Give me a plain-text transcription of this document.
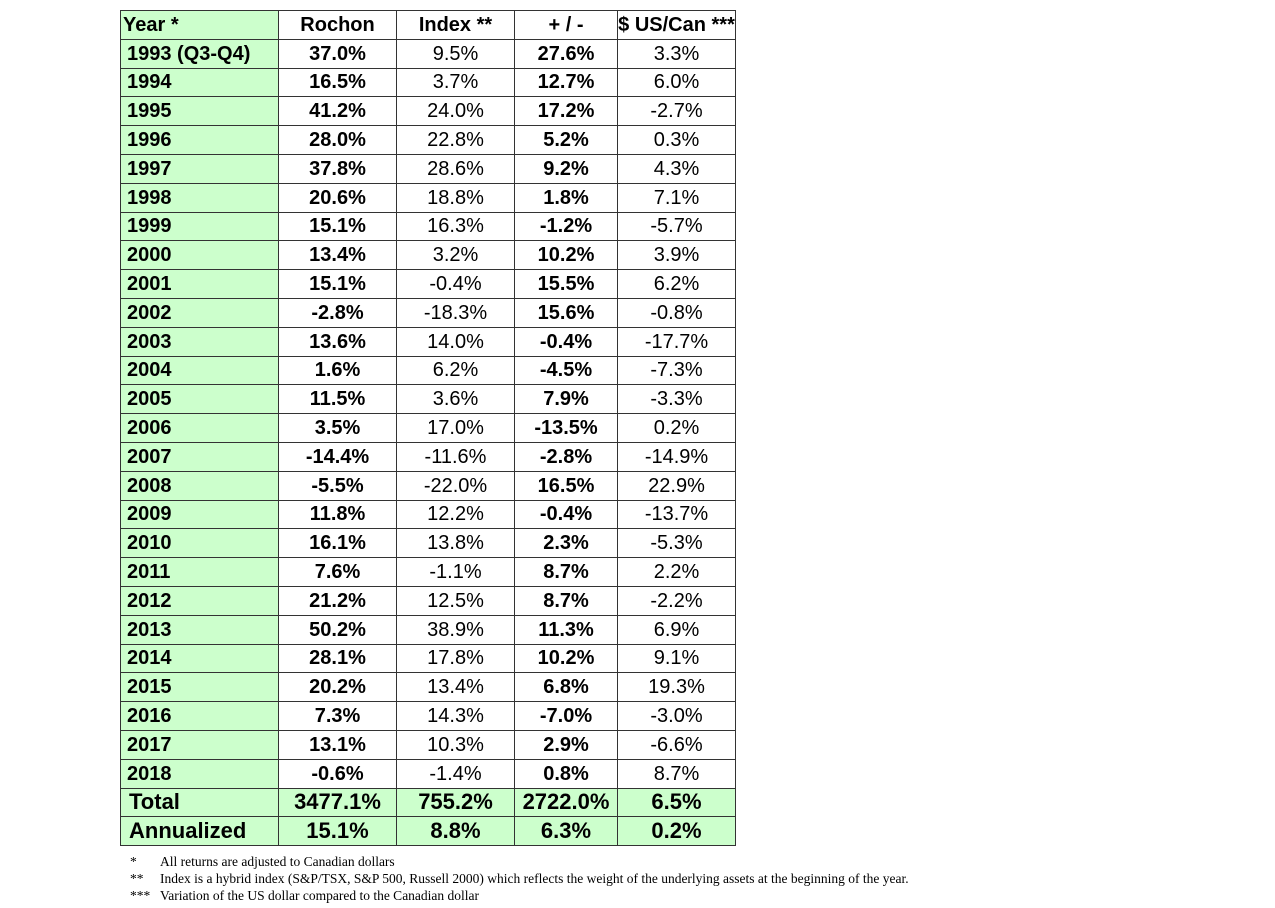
Year *	Rochon	Index **	+ / -	$ US/Can ***
1993 (Q3-Q4)	37.0%	9.5%	27.6%	3.3%
1994	16.5%	3.7%	12.7%	6.0%
1995	41.2%	24.0%	17.2%	-2.7%
1996	28.0%	22.8%	5.2%	0.3%
1997	37.8%	28.6%	9.2%	4.3%
1998	20.6%	18.8%	1.8%	7.1%
1999	15.1%	16.3%	-1.2%	-5.7%
2000	13.4%	3.2%	10.2%	3.9%
2001	15.1%	-0.4%	15.5%	6.2%
2002	-2.8%	-18.3%	15.6%	-0.8%
2003	13.6%	14.0%	-0.4%	-17.7%
2004	1.6%	6.2%	-4.5%	-7.3%
2005	11.5%	3.6%	7.9%	-3.3%
2006	3.5%	17.0%	-13.5%	0.2%
2007	-14.4%	-11.6%	-2.8%	-14.9%
2008	-5.5%	-22.0%	16.5%	22.9%
2009	11.8%	12.2%	-0.4%	-13.7%
2010	16.1%	13.8%	2.3%	-5.3%
2011	7.6%	-1.1%	8.7%	2.2%
2012	21.2%	12.5%	8.7%	-2.2%
2013	50.2%	38.9%	11.3%	6.9%
2014	28.1%	17.8%	10.2%	9.1%
2015	20.2%	13.4%	6.8%	19.3%
2016	7.3%	14.3%	-7.0%	-3.0%
2017	13.1%	10.3%	2.9%	-6.6%
2018	-0.6%	-1.4%	0.8%	8.7%
Total	3477.1%	755.2%	2722.0%	6.5%
Annualized	15.1%	8.8%	6.3%	0.2%
*	All returns are adjusted to Canadian dollars
**	Index is a hybrid index (S&P/TSX, S&P 500, Russell 2000) which reflects the weight of the underlying assets at the beginning of the year.
*** Variation of the US dollar compared to the Canadian dollar
